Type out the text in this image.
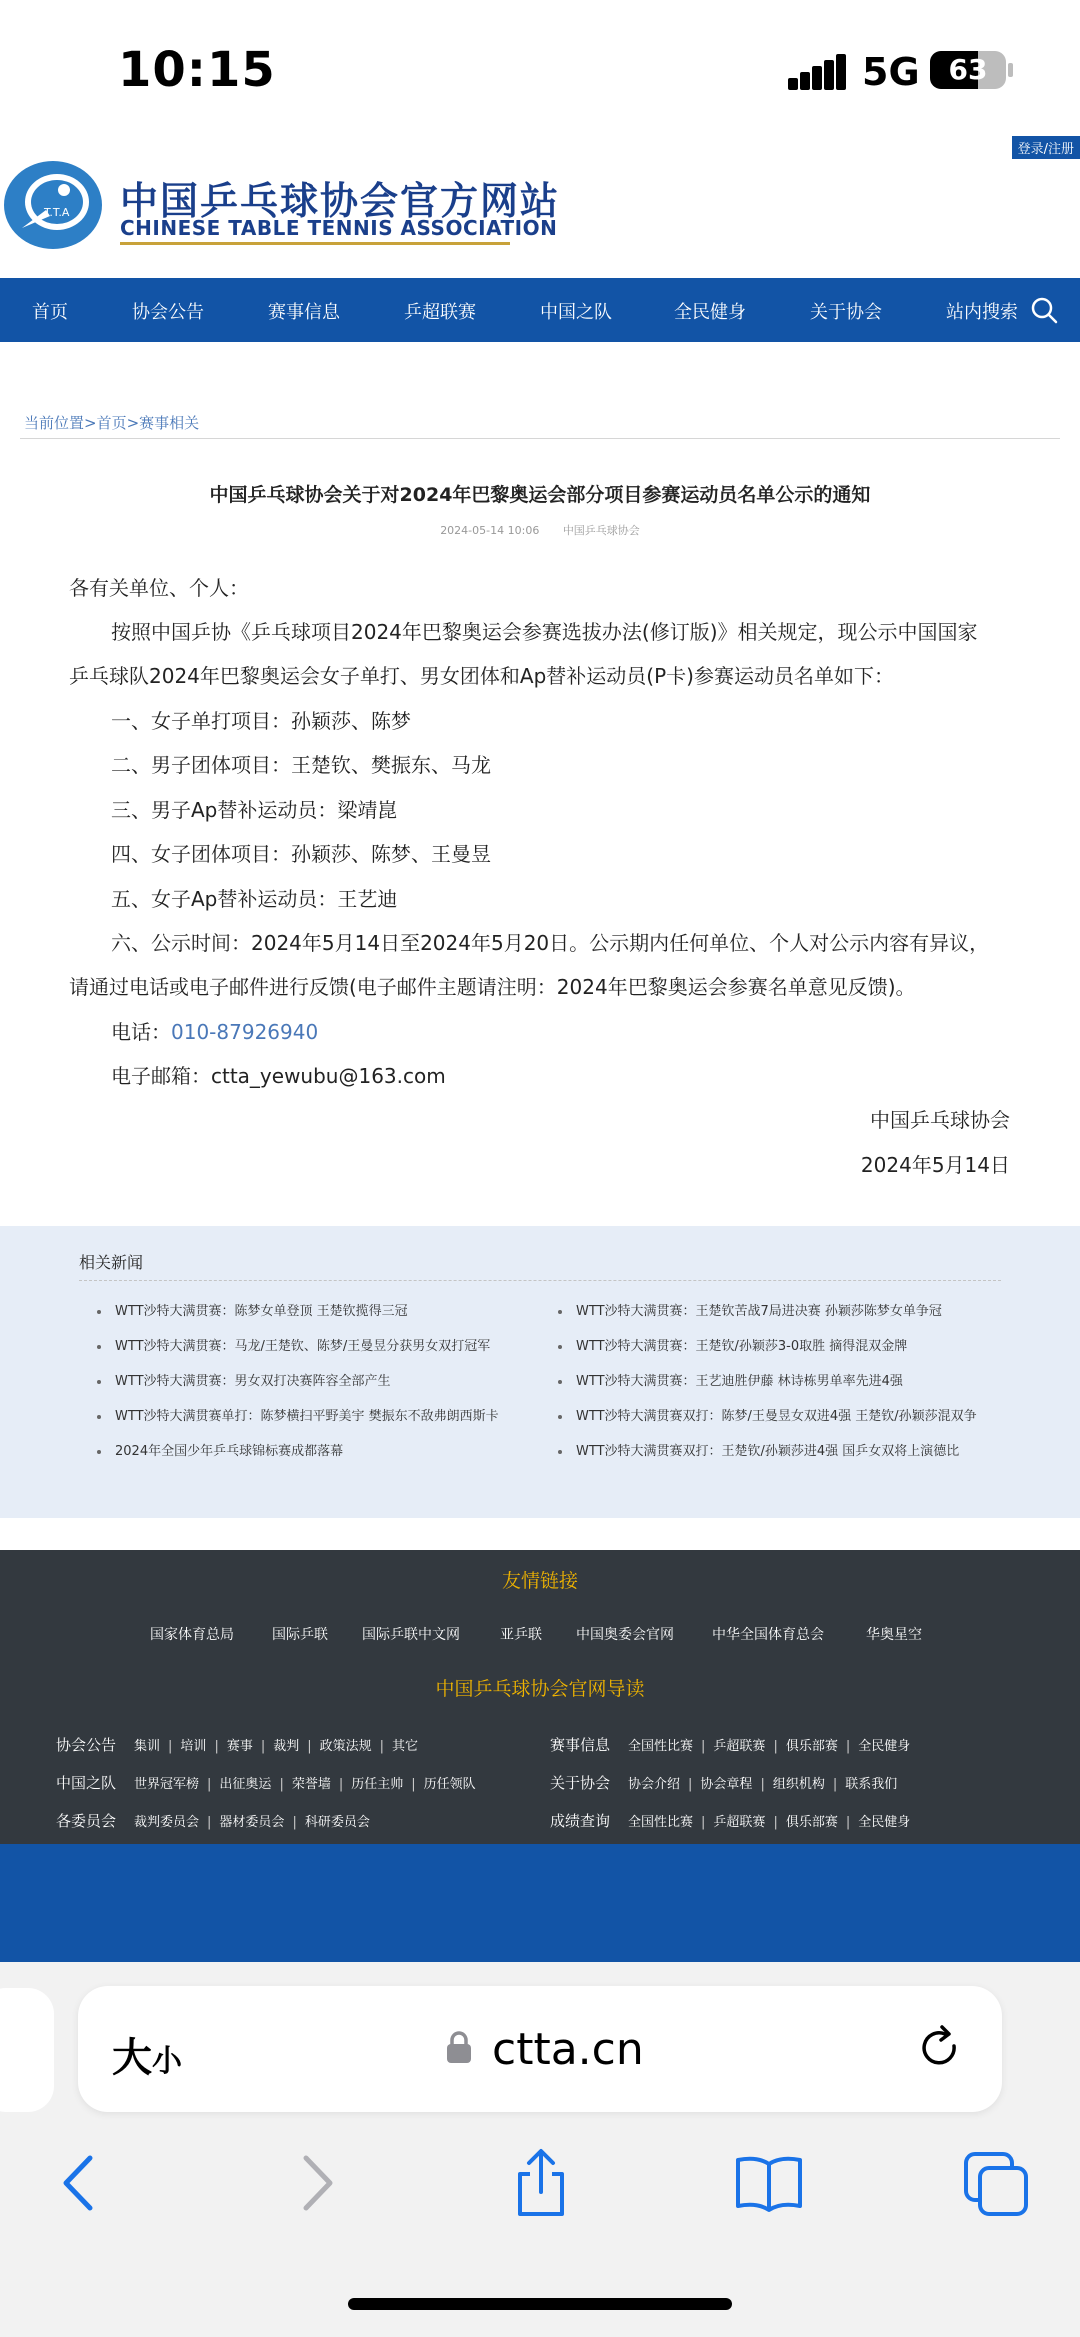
10:15	5G	63
登录/注册
T.T.A 中国乒乓球协会官方网站
CHINESE TABLE TENNIS ASSOCIATION
首页	协会公告	赛事信息	乒超联赛	中国之队	全民健身	关于协会	站内搜索
当前位置>首页>赛事相关
中国乒乓球协会关于对2024年巴黎奥运会部分项目参赛运动员名单公示的通知
2024-05-14 10:06 中国乒乓球协会
各有关单位、个人：
按照中国乒协《乒乓球项目2024年巴黎奥运会参赛选拔办法(修订版)》相关规定，现公示中国国家
乒乓球队2024年巴黎奥运会女子单打、男女团体和Ap替补运动员(P卡)参赛运动员名单如下：
一、女子单打项目：孙颖莎、陈梦
二、男子团体项目：王楚钦、樊振东、马龙
三、男子Ap替补运动员：梁靖崑
四、女子团体项目：孙颖莎、陈梦、王曼昱
五、女子Ap替补运动员：王艺迪
六、公示时间：2024年5月14日至2024年5月20日。公示期内任何单位、个人对公示内容有异议，
请通过电话或电子邮件进行反馈(电子邮件主题请注明：2024年巴黎奥运会参赛名单意见反馈)。
电话：010-87926940
电子邮箱：ctta_yewubu@163.com
中国乒乓球协会
2024年5月14日
相关新闻
WTT沙特大满贯赛：陈梦女单登顶 王楚钦揽得三冠
WTT沙特大满贯赛：马龙/王楚钦、陈梦/王曼昱分获男女双打冠军
WTT沙特大满贯赛：男女双打决赛阵容全部产生
WTT沙特大满贯赛单打：陈梦横扫平野美宇 樊振东不敌弗朗西斯卡
2024年全国少年乒乓球锦标赛成都落幕
WTT沙特大满贯赛：王楚钦苦战7局进决赛 孙颖莎陈梦女单争冠
WTT沙特大满贯赛：王楚钦/孙颖莎3-0取胜 摘得混双金牌
WTT沙特大满贯赛：王艺迪胜伊藤 林诗栋男单率先进4强
WTT沙特大满贯赛双打：陈梦/王曼昱女双进4强 王楚钦/孙颖莎混双争
WTT沙特大满贯赛双打：王楚钦/孙颖莎进4强 国乒女双将上演德比
友情链接
国家体育总局	国际乒联 国际乒联中文网	亚乒联 中国奥委会官网	中华全国体育总会	华奥星空
中国乒乓球协会官网导读
协会公告 集训 | 培训 | 赛事 | 裁判 | 政策法规 | 其它	赛事信息 全国性比赛 | 乒超联赛 | 俱乐部赛 | 全民健身
中国之队 世界冠军榜 | 出征奥运 | 荣誉墙 | 历任主帅 | 历任领队	关于协会 协会介绍 | 协会章程 | 组织机构 | 联系我们
各委员会 裁判委员会 | 器材委员会 | 科研委员会	成绩查询 全国性比赛 | 乒超联赛 | 俱乐部赛 | 全民健身
大小	ctta.cn
